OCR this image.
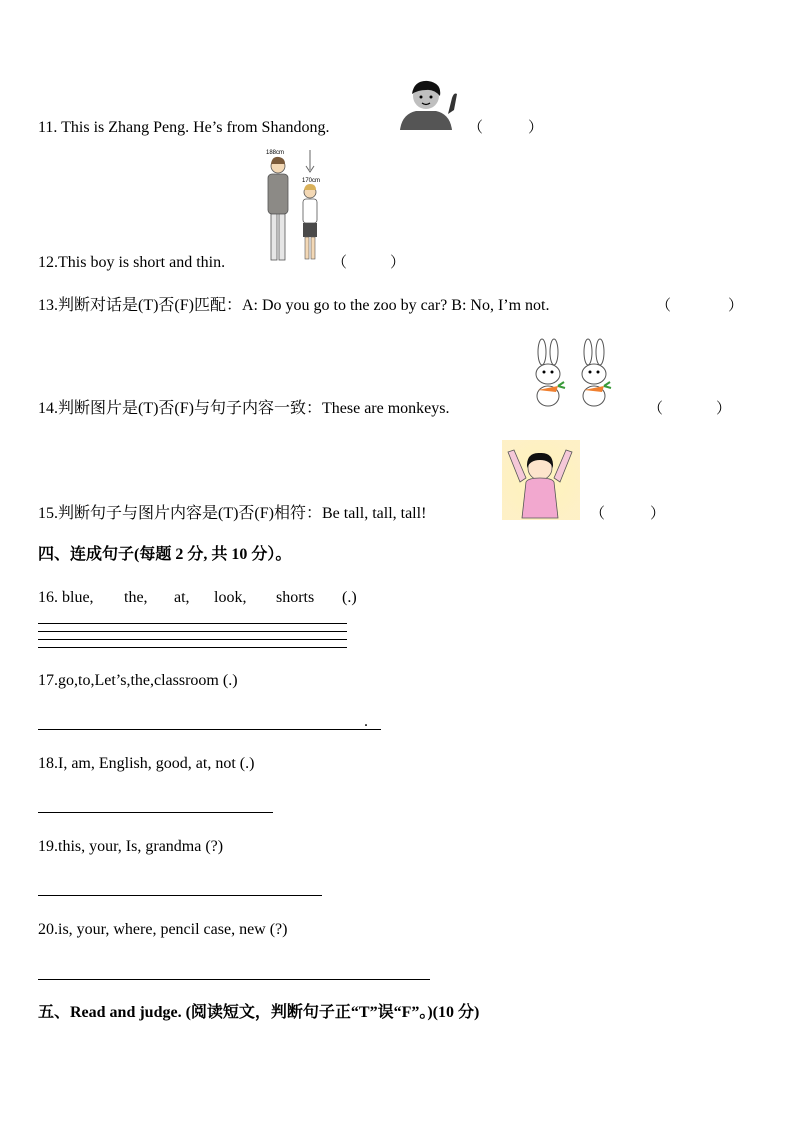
11. This is Zhang Peng. He’s from Shandong.	（	）
12.This boy is short and thin.
188cm
170cm
（	）
13.判断对话是(T)否(F)匹配：A: Do you go to the zoo by car? B: No, I’m not.	（	）
14.判断图片是(T)否(F)与句子内容一致：These are monkeys.	（	）
15.判断句子与图片内容是(T)否(F)相符：Be tall, tall, tall!	（	）
四、连成句子(每题 2 分, 共 10 分）。
16. blue, the, at, look, shorts (.)
17.go,to,Let’s,the,classroom (.)
.
18.I, am, English, good, at, not (.)
19.this, your, Is, grandma (?)
20.is, your, where, pencil case, new (?)
五、Read and judge. (阅读短文，判断句子正“T”误“F”。)(10 分)
